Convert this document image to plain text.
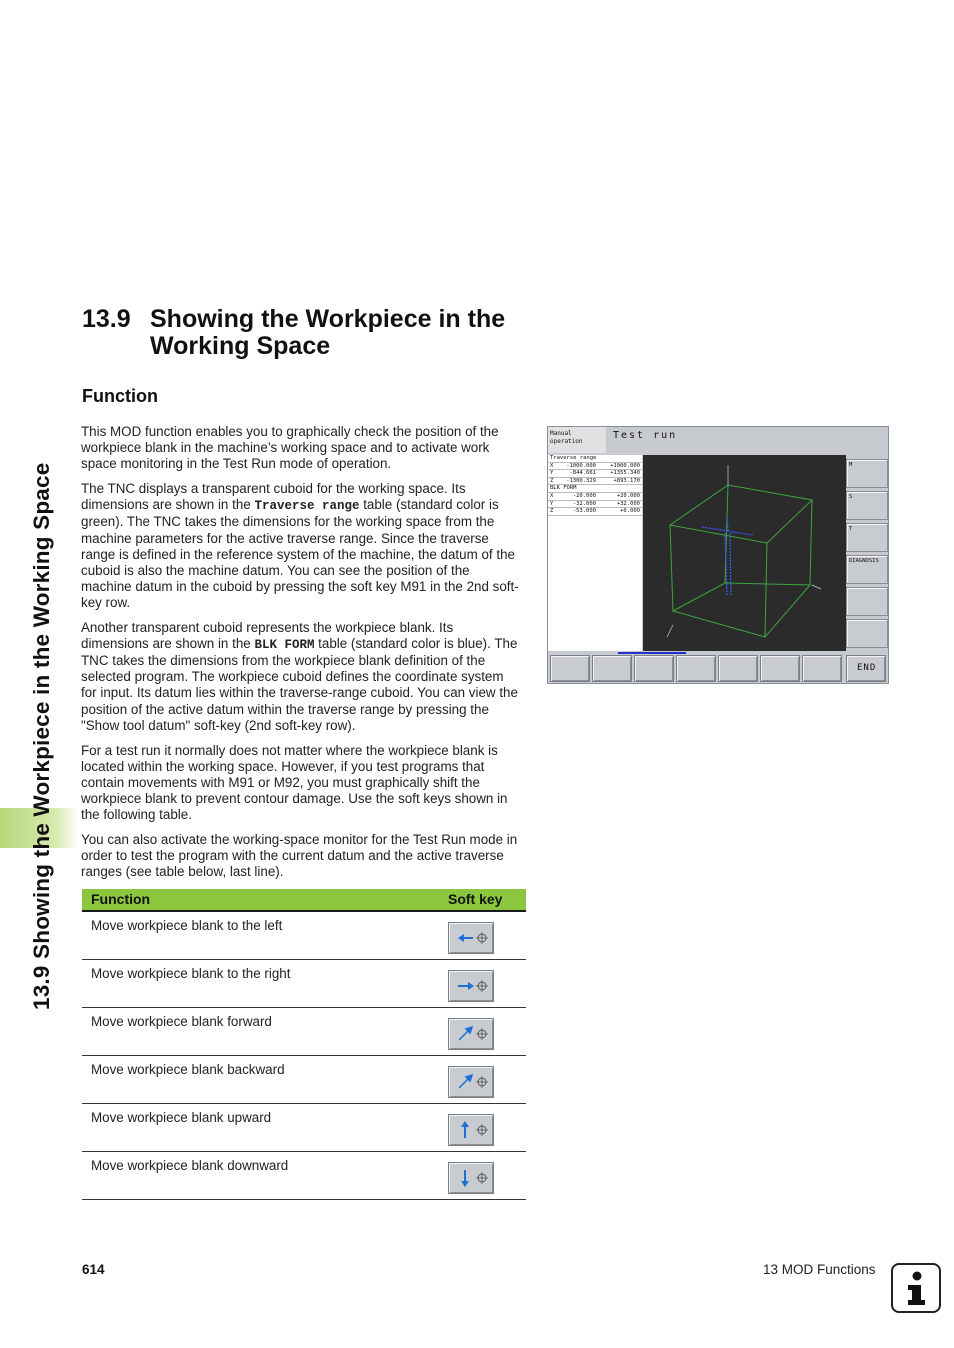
13.9 Showing the Workpiece in the Working Space
13.9 Showing the Workpiece in the Working Space
Function

This MOD function enables you to graphically check the position of the workpiece blank in the machine’s working space and to activate work space monitoring in the Test Run mode of operation.

The TNC displays a transparent cuboid for the working space. Its dimensions are shown in the Traverse range table (standard color is green). The TNC takes the dimensions for the working space from the machine parameters for the active traverse range. Since the traverse range is defined in the reference system of the machine, the datum of the cuboid is also the machine datum. You can see the position of the machine datum in the cuboid by pressing the soft key M91 in the 2nd soft-key row.

Another transparent cuboid represents the workpiece blank. Its dimensions are shown in the BLK FORM table (standard color is blue). The TNC takes the dimensions from the workpiece blank definition of the selected program. The workpiece cuboid defines the coordinate system for input. Its datum lies within the traverse-range cuboid. You can view the position of the active datum within the traverse range by pressing the "Show tool datum" soft-key (2nd soft-key row).

For a test run it normally does not matter where the workpiece blank is located within the working space. However, if you test programs that contain movements with M91 or M92, you must graphically shift the workpiece blank to prevent contour damage. Use the soft keys shown in the following table.

You can also activate the working-space monitor for the Test Run mode in order to test the program with the current datum and the active traverse ranges (see table below, last line).

Function	Soft key
Move workpiece blank to the left
Move workpiece blank to the right
Move workpiece blank forward
Move workpiece blank backward
Move workpiece blank upward
Move workpiece blank downward
Manual
operation
Test run
Traverse range
X -1000.000	+1000.000
Y	-844.661	+1355.340
Z -1300.329	+893.170
BLK FORM
X	-20.000	+20.000
Y	-32.000	+32.000
Z	-53.000	+0.000
M
S
T
DIAGNOSIS
END
614	13 MOD Functions
